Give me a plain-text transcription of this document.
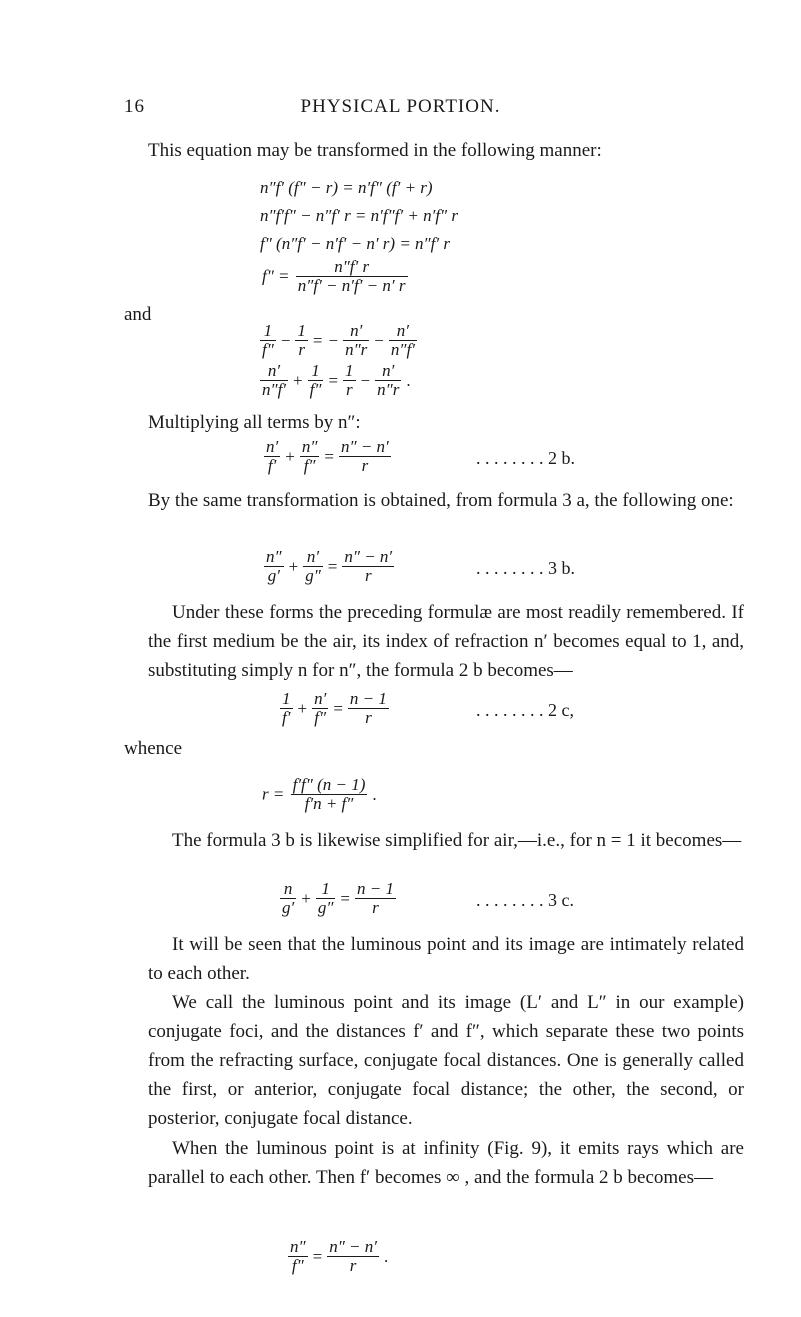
16	PHYSICAL PORTION.
This equation may be transformed in the following manner:
n″f′ (f″ − r) = n′f″ (f′ + r)
n″f′f″ − n″f′ r = n′f″f′ + n′f″ r
f″ (n″f′ − n′f′ − n′ r) = n″f′ r
$f'' = \frac{n''f' r}{n''f' - n'f' - n' r}$
and
$\frac{1}{f''} - \frac{1}{r}$ = − $\frac{n'}{n''r} - \frac{n'}{n''f'}$
$\frac{n'}{n''f'} + \frac{1}{f''} = \frac{1}{r} - \frac{n'}{n''r}$ .
Multiplying all terms by n″:
$\frac{n'}{f'} + \frac{n''}{f''} = \frac{n'' - n'}{r}$	. . . . . . . . 2 b.
By the same transformation is obtained, from formula 3 a, the following one:
$\frac{n''}{g'} + \frac{n'}{g''} = \frac{n'' - n'}{r}$	. . . . . . . . 3 b.
Under these forms the preceding formulæ are most readily remembered. If the first medium be the air, its index of refraction n′ becomes equal to 1, and, substituting simply n for n″, the formula 2 b becomes—
$\frac{1}{f'} + \frac{n'}{f''} = \frac{n - 1}{r}$	. . . . . . . . 2 c,
whence
$r = \frac{f'f'' (n - 1)}{f'n + f''}$ .
The formula 3 b is likewise simplified for air,—i.e., for n = 1 it becomes—
$\frac{n}{g'} + \frac{1}{g''} = \frac{n - 1}{r}$	. . . . . . . . 3 c.
It will be seen that the luminous point and its image are intimately related to each other.
We call the luminous point and its image (L′ and L″ in our example) conjugate foci, and the distances f′ and f″, which separate these two points from the refracting surface, conjugate focal distances. One is generally called the first, or anterior, conjugate focal distance; the other, the second, or posterior, conjugate focal distance.
When the luminous point is at infinity (Fig. 9), it emits rays which are parallel to each other. Then f′ becomes ∞ , and the formula 2 b becomes—
$\frac{n''}{f''} = \frac{n'' - n'}{r}$ .
